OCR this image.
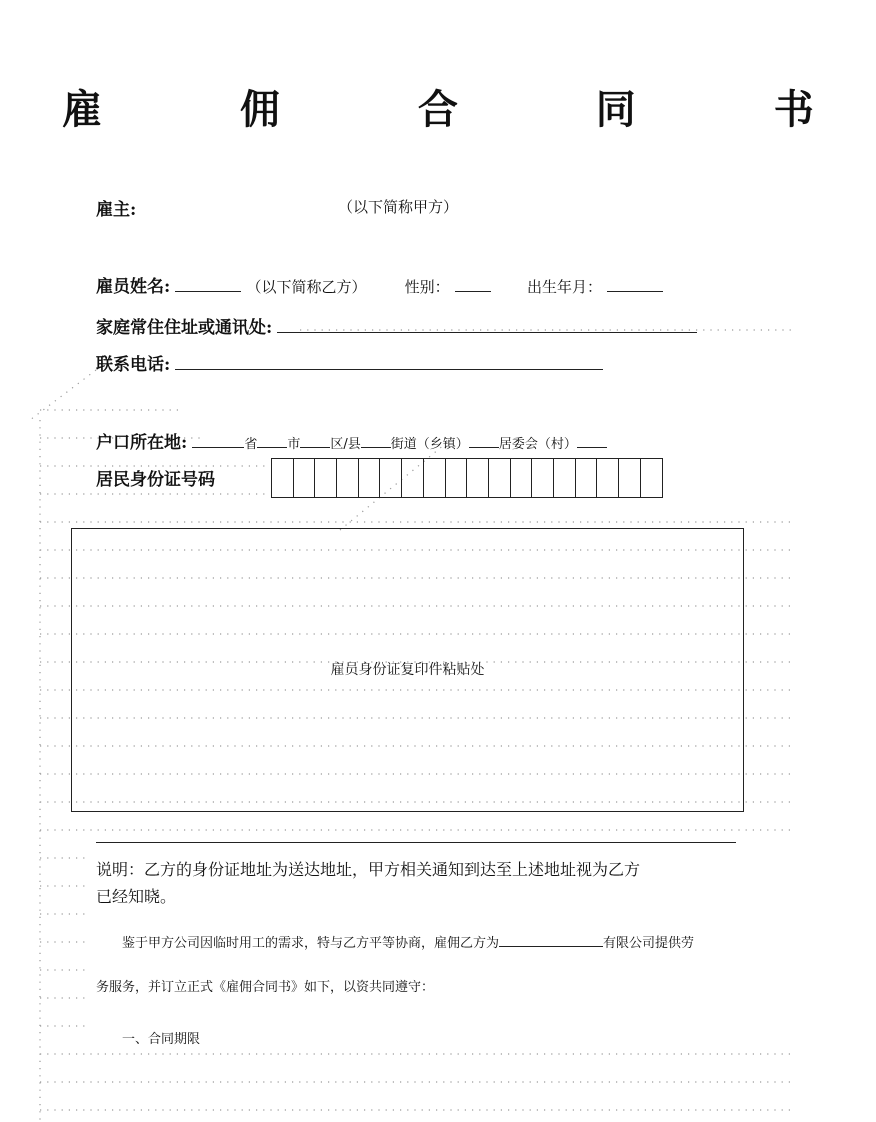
雇 佣 合 同 书
雇主:	（以下简称甲方）
雇员姓名:	（以下简称乙方）	性别：	出生年月：
家庭常住住址或通讯处:
联系电话:
户口所在地:	省 市 区/县 街道（乡镇） 居委会（村）
居民身份证号码
雇员身份证复印件粘贴处
说明：乙方的身份证地址为送达地址，甲方相关通知到达至上述地址视为乙方
已经知晓。
鉴于甲方公司因临时用工的需求，特与乙方平等协商，雇佣乙方为	有限公司提供劳
务服务，并订立正式《雇佣合同书》如下，以资共同遵守：
一、合同期限
